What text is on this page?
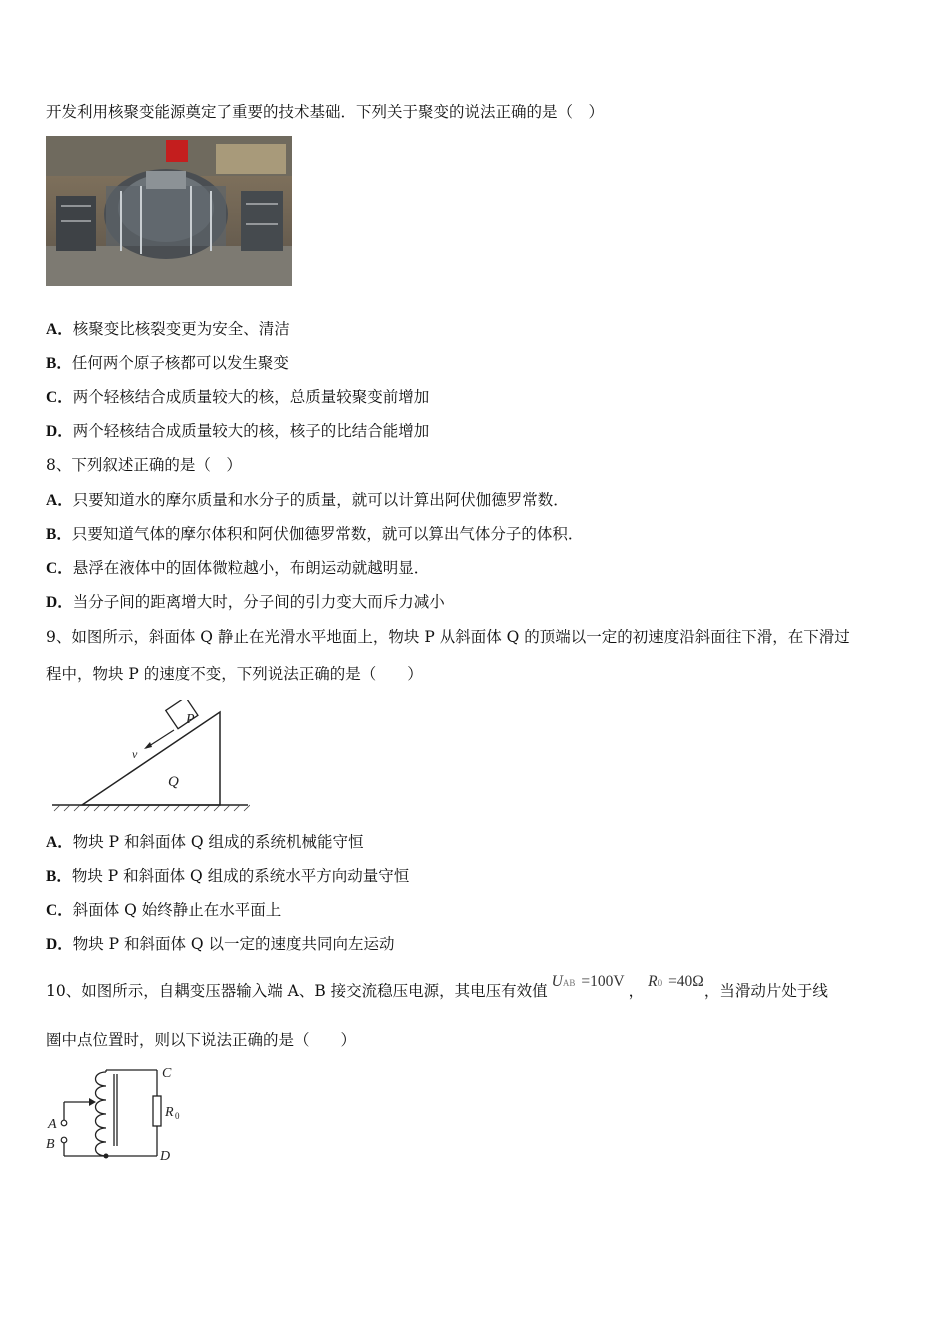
开发利用核聚变能源奠定了重要的技术基础．下列关于聚变的说法正确的是（　）
A．核聚变比核裂变更为安全、清洁
B．任何两个原子核都可以发生聚变
C．两个轻核结合成质量较大的核，总质量较聚变前增加
D．两个轻核结合成质量较大的核，核子的比结合能增加
8、下列叙述正确的是（　）
A．只要知道水的摩尔质量和水分子的质量，就可以计算出阿伏伽德罗常数．
B．只要知道气体的摩尔体积和阿伏伽德罗常数，就可以算出气体分子的体积．
C．悬浮在液体中的固体微粒越小，布朗运动就越明显．
D．当分子间的距离增大时，分子间的引力变大而斥力减小
9、如图所示，斜面体 Q 静止在光滑水平地面上，物块 P 从斜面体 Q 的顶端以一定的初速度沿斜面往下滑，在下滑过
程中，物块 P 的速度不变，下列说法正确的是（　　）
P
v
Q
A．物块 P 和斜面体 Q 组成的系统机械能守恒
B．物块 P 和斜面体 Q 组成的系统水平方向动量守恒
C．斜面体 Q 始终静止在水平面上
D．物块 P 和斜面体 Q 以一定的速度共同向左运动
10、如图所示，自耦变压器输入端 A、B 接交流稳压电源，其电压有效值UAB =100V，R0 =40Ω，当滑动片处于线
圈中点位置时，则以下说法正确的是（　　）
A
B
C
D
R 0
